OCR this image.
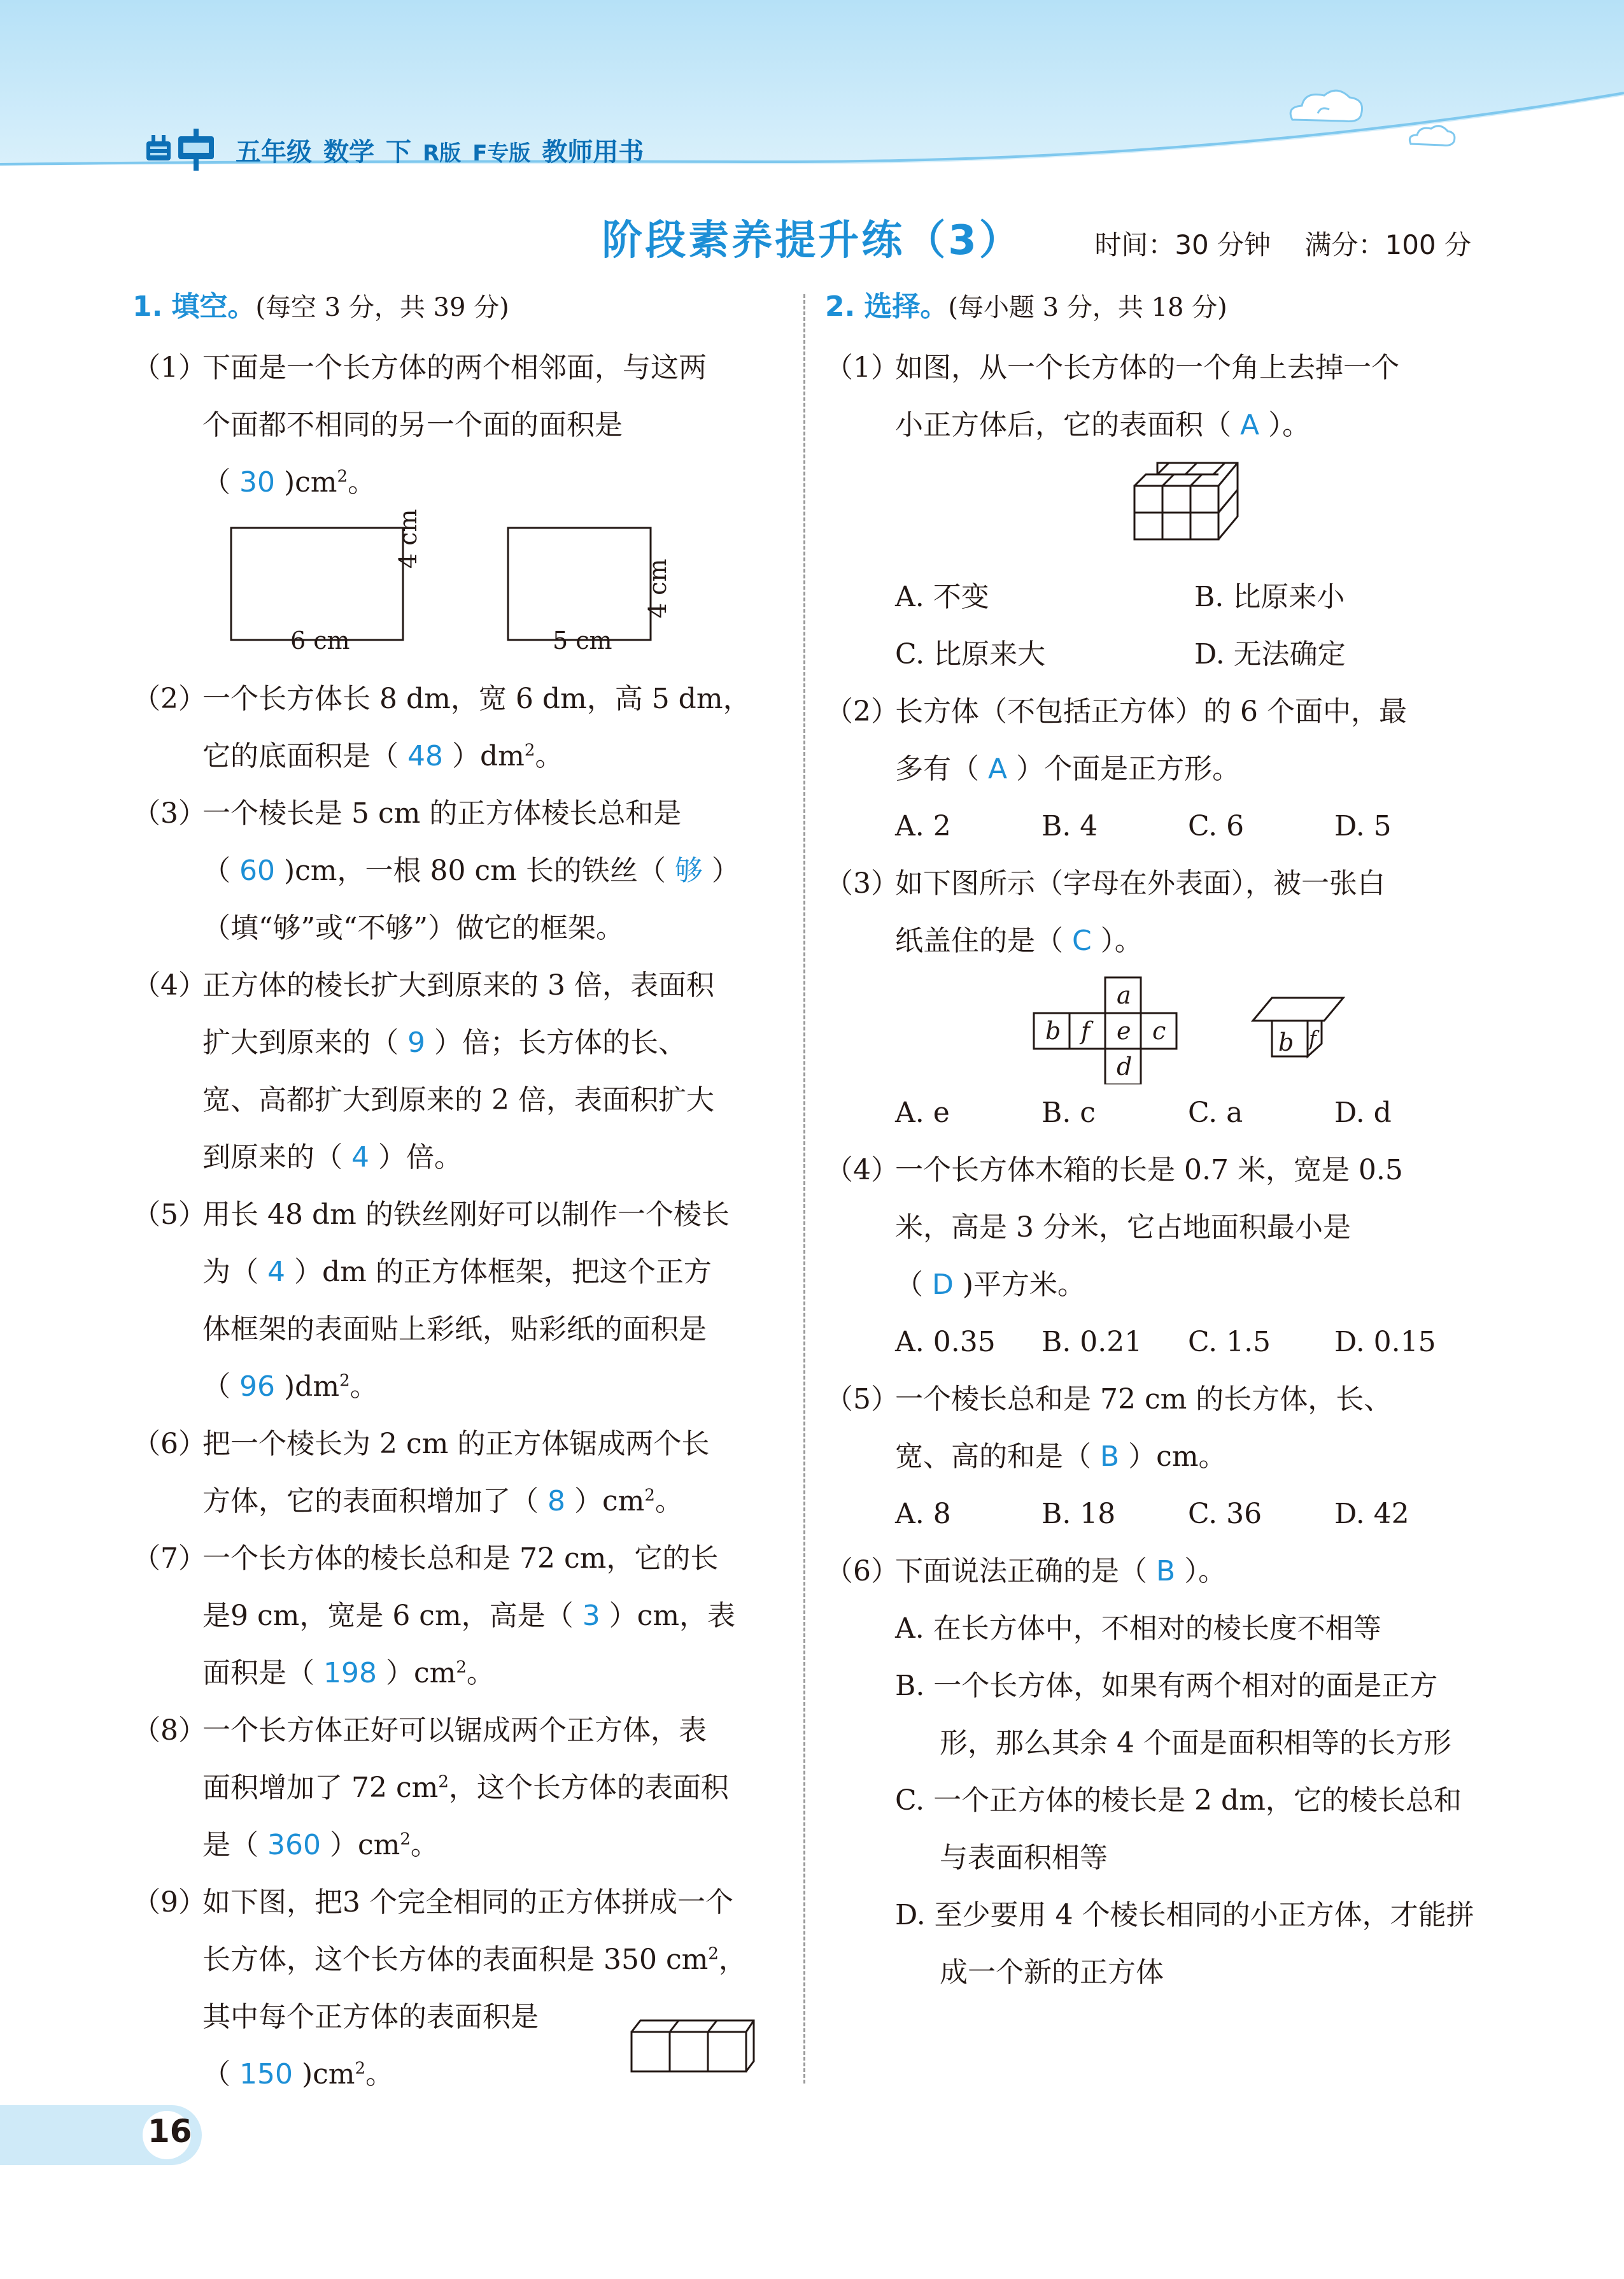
五年级 数学 下 R版 F专版 教师用书
阶段素养提升练（3）	时间：30 分钟 满分：100 分
1. 填空。(每空 3 分，共 39 分)
（1）
下面是一个长方体的两个相邻面，与这两
个面都不相同的另一个面的面积是
（ 30 )$cm^2$。
6 cm
4 cm
5 cm
4 cm
（2）
一个长方体长 8 dm，宽 6 dm，高 5 dm，
它的底面积是（ 48 ）$dm^2$。
（3）
一个棱长是 5 cm 的正方体棱长总和是
（ 60 )cm，一根 80 cm 长的铁丝（ 够 ）
（填“够”或“不够”）做它的框架。
（4）
正方体的棱长扩大到原来的 3 倍，表面积
扩大到原来的（ 9 ）倍；长方体的长、
宽、高都扩大到原来的 2 倍，表面积扩大
到原来的（ 4 ）倍。
（5）
用长 48 dm 的铁丝刚好可以制作一个棱长
为（ 4 ）dm 的正方体框架，把这个正方
体框架的表面贴上彩纸，贴彩纸的面积是
（ 96 )$dm^2$。
（6）
把一个棱长为 2 cm 的正方体锯成两个长
方体，它的表面积增加了（ 8 ）$cm^2$。
（7）
一个长方体的棱长总和是 72 cm，它的长
是9 cm，宽是 6 cm，高是（ 3 ）cm，表
面积是（ 198 ）$cm^2$。
（8）
一个长方体正好可以锯成两个正方体，表
面积增加了 72 $cm^2$，这个长方体的表面积
是（ 360 ）$cm^2$。
（9）
如下图，把3 个完全相同的正方体拼成一个
长方体，这个长方体的表面积是 350 $cm^2$，
其中每个正方体的表面积是
（ 150 )$cm^2$。
2. 选择。(每小题 3 分，共 18 分)
（1）
如图，从一个长方体的一个角上去掉一个
小正方体后，它的表面积（ A ）。
A. 不变	B. 比原来小
C. 比原来大	D. 无法确定
（2）
长方体（不包括正方体）的 6 个面中，最
多有（ A ）个面是正方形。
A. 2	B. 4	C. 6	D. 5
（3）
如下图所示（字母在外表面），被一张白
纸盖住的是（ C ）。
a
b f e c
d
b f
A. e	B. c	C. a	D. d
（4）
一个长方体木箱的长是 0.7 米，宽是 0.5
米，高是 3 分米，它占地面积最小是
（ D )平方米。
A. 0.35	B. 0.21	C. 1.5	D. 0.15
（5）
一个棱长总和是 72 cm 的长方体，长、
宽、高的和是（ B ）cm。
A. 8	B. 18	C. 36	D. 42
（6）
下面说法正确的是（ B ）。
A. 在长方体中，不相对的棱长度不相等
B. 一个长方体，如果有两个相对的面是正方形，那么其余 4 个面是面积相等的长方形
C. 一个正方体的棱长是 2 dm，它的棱长总和与表面积相等
D. 至少要用 4 个棱长相同的小正方体，才能拼成一个新的正方体
16
